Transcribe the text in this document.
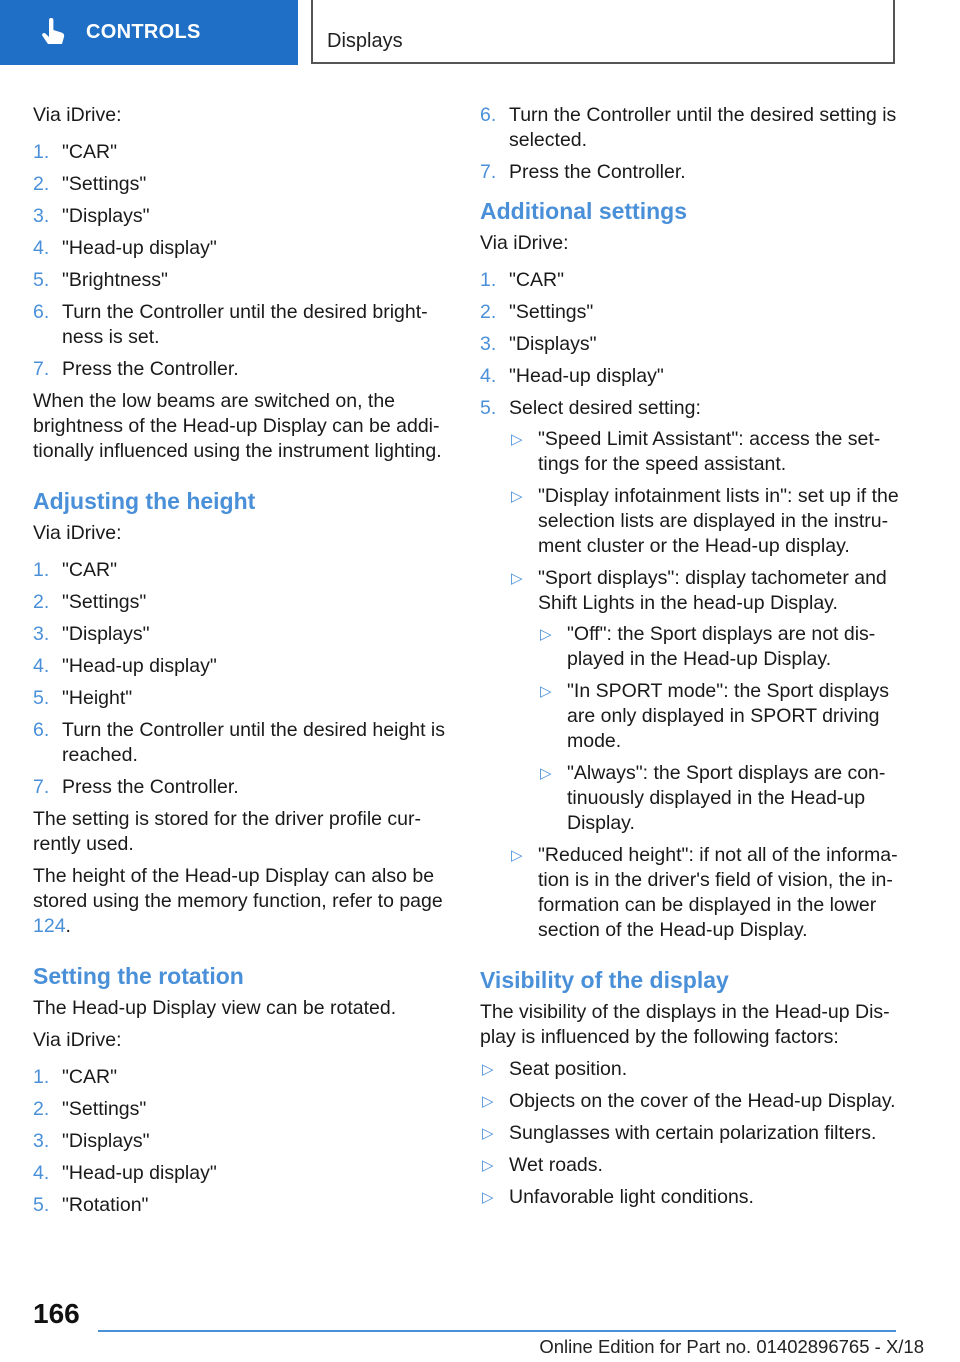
CONTROLS	Displays

Via iDrive:

1. "CAR"
2. "Settings"
3. "Displays"
4. "Head-up display"
5. "Brightness"
6. Turn the Controller until the desired bright-ness is set.
7. Press the Controller.

When the low beams are switched on, the brightness of the Head-up Display can be addi-tionally influenced using the instrument lighting.

Adjusting the height

Via iDrive:

1. "CAR"
2. "Settings"
3. "Displays"
4. "Head-up display"
5. "Height"
6. Turn the Controller until the desired height is reached.
7. Press the Controller.

The setting is stored for the driver profile cur-rently used.

The height of the Head-up Display can also be stored using the memory function, refer to page 124.

Setting the rotation

The Head-up Display view can be rotated.

Via iDrive:

1. "CAR"
2. "Settings"
3. "Displays"
4. "Head-up display"
5. "Rotation"
6. Turn the Controller until the desired setting is selected.
7. Press the Controller.
Additional settings

Via iDrive:

1. "CAR"
2. "Settings"
3. "Displays"
4. "Head-up display"
5. Select desired setting:
▷ "Speed Limit Assistant": access the set-tings for the speed assistant.
▷ "Display infotainment lists in": set up if the selection lists are displayed in the instru-ment cluster or the Head-up display.
▷ "Sport displays": display tachometer and Shift Lights in the head-up Display.
▷ "Off": the Sport displays are not dis-played in the Head-up Display.
▷ "In SPORT mode": the Sport displays are only displayed in SPORT driving mode.
▷ "Always": the Sport displays are con-tinuously displayed in the Head-up Display.
▷ "Reduced height": if not all of the informa-tion is in the driver's field of vision, the in-formation can be displayed in the lower section of the Head-up Display.
Visibility of the display

The visibility of the displays in the Head-up Dis-play is influenced by the following factors:

▷ Seat position.
▷ Objects on the cover of the Head-up Display.
▷ Sunglasses with certain polarization filters.
▷ Wet roads.
▷ Unfavorable light conditions.
166
Online Edition for Part no. 01402896765 - X/18
